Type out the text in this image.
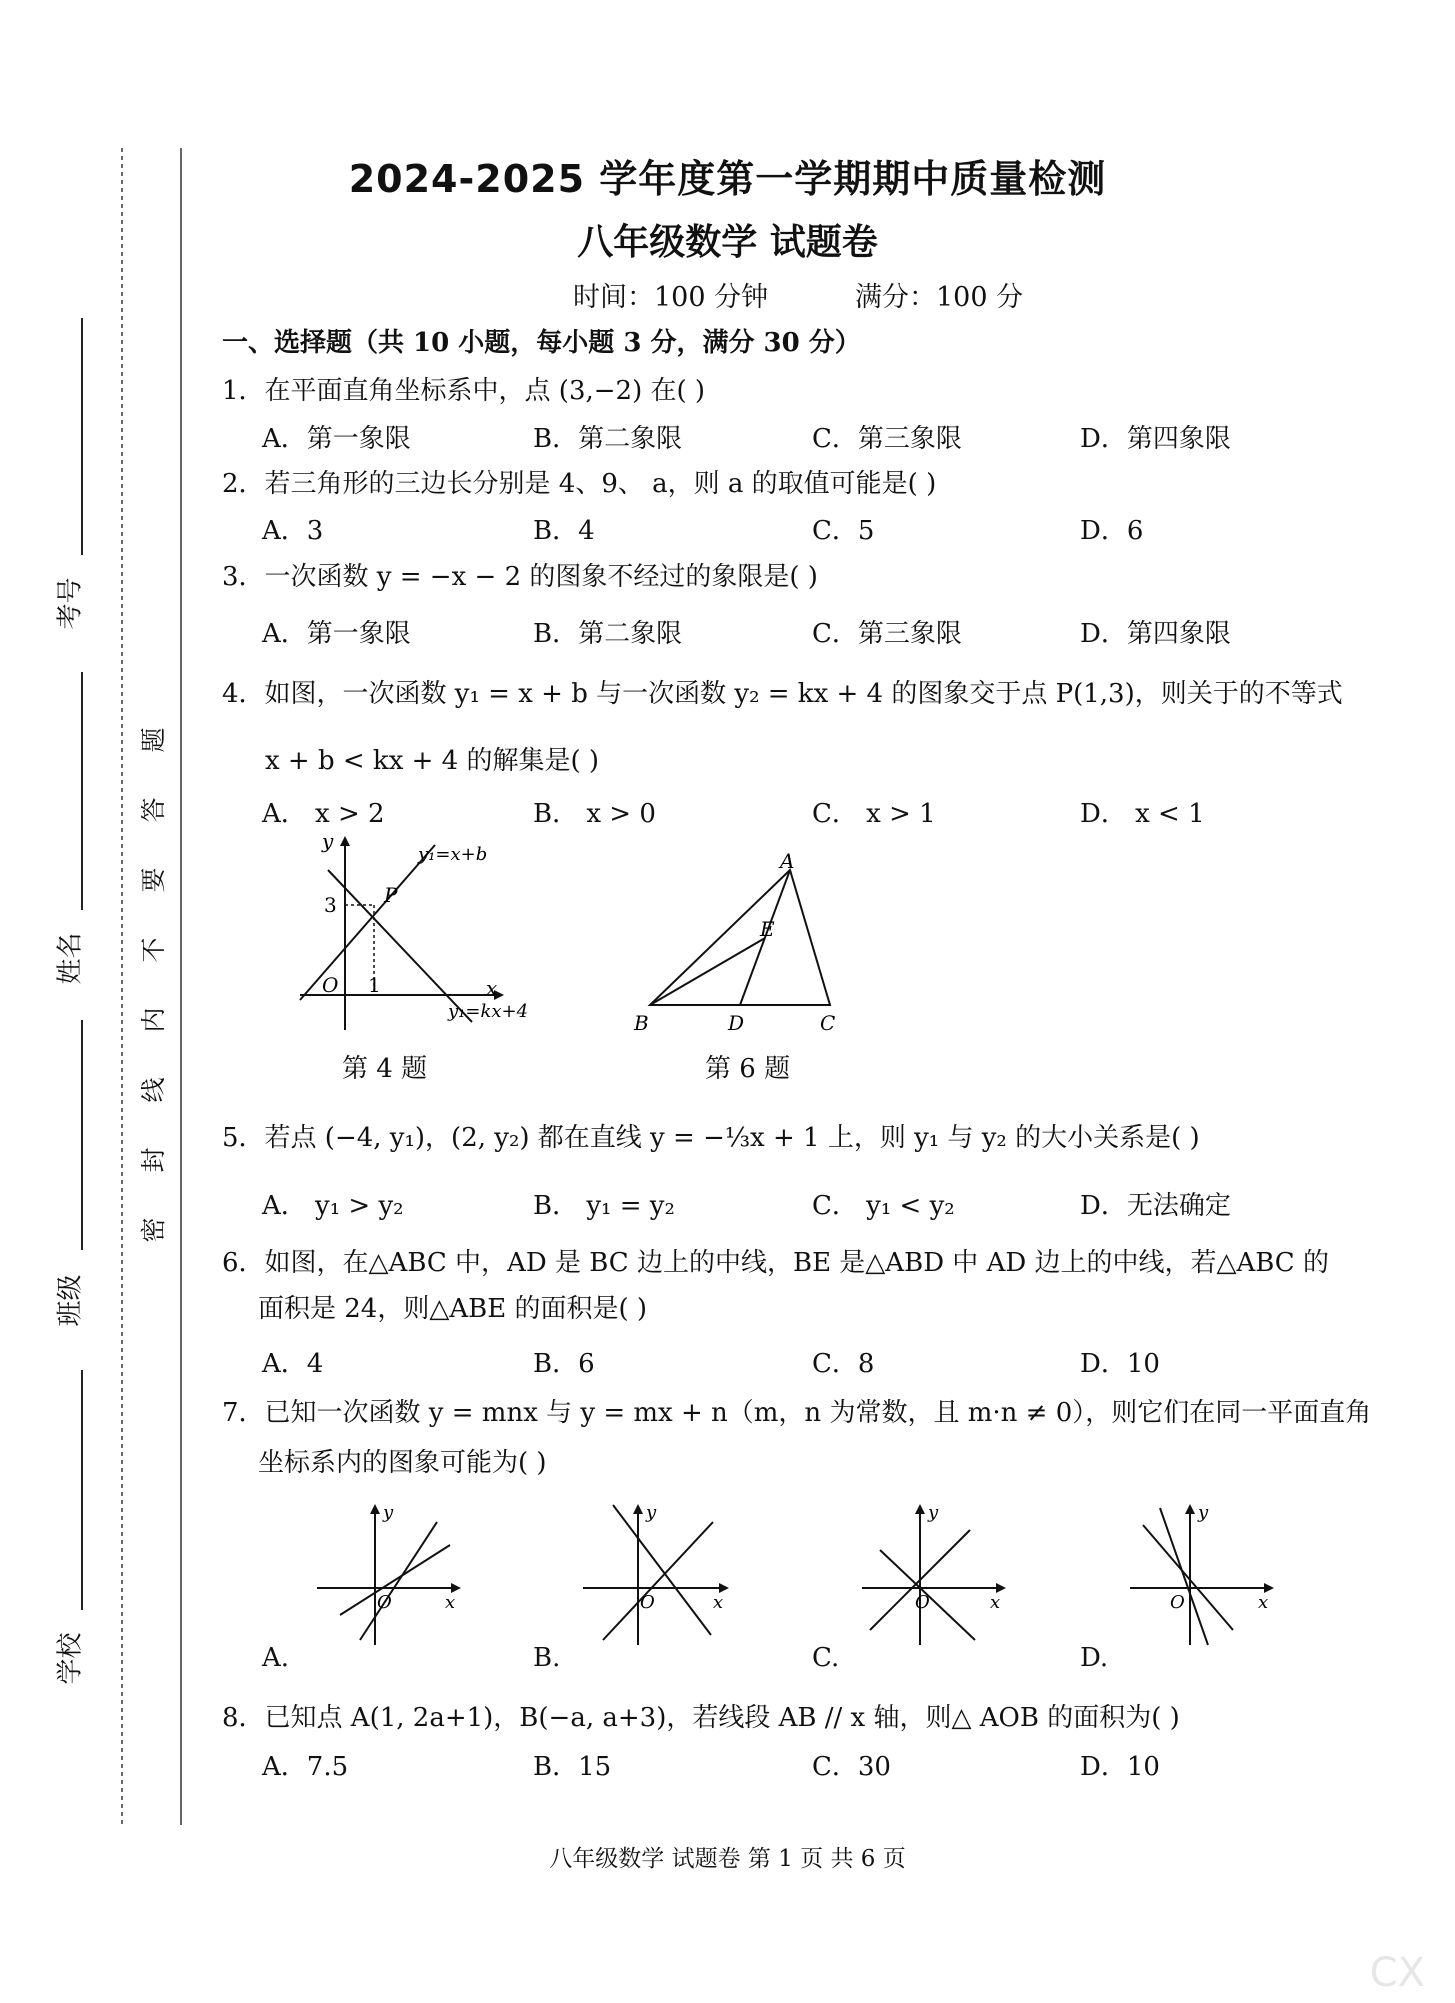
考号
姓名
班级
学校
题
答
要
不
内
线
封
密
2024-2025 学年度第一学期期中质量检测
八年级数学 试题卷
时间：100 分钟	满分：100 分
一、选择题（共 10 小题，每小题 3 分，满分 30 分）
1．在平面直角坐标系中，点 (3,−2) 在( )
A．第一象限	B．第二象限	C．第三象限	D．第四象限
2．若三角形的三边长分别是 4、9、 a，则 a 的取值可能是( )
A．3	B．4	C．5	D．6
3．一次函数 y = −x − 2 的图象不经过的象限是( )
A．第一象限	B．第二象限	C．第三象限	D．第四象限
4．如图，一次函数 y₁ = x + b 与一次函数 y₂ = kx + 4 的图象交于点 P(1,3)，则关于的不等式
x + b < kx + 4 的解集是( )
A． x > 2	B． x > 0	C． x > 1	D． x < 1
y
x
3
1
O
P
y₁=x+b
y₁=kx+4
第 4 题
A
B	D	C
E
第 6 题
5．若点 (−4, y₁)，(2, y₂) 都在直线 y = −⅓x + 1 上，则 y₁ 与 y₂ 的大小关系是( )
A． y₁ > y₂	B． y₁ = y₂	C． y₁ < y₂	D．无法确定
6．如图，在△ABC 中，AD 是 BC 边上的中线，BE 是△ABD 中 AD 边上的中线，若△ABC 的
面积是 24，则△ABE 的面积是( )
A．4	B．6	C．8	D．10
7．已知一次函数 y = mnx 与 y = mx + n（m，n 为常数，且 m·n ≠ 0），则它们在同一平面直角
坐标系内的图象可能为( )
y
x
O
y
x
O
y
x
O
y
x
O
A.	B.	C.	D.
8．已知点 A(1, 2a+1)，B(−a, a+3)，若线段 AB // x 轴，则△ AOB 的面积为( )
A．7.5	B．15	C．30	D．10
八年级数学 试题卷 第 1 页 共 6 页
CX
